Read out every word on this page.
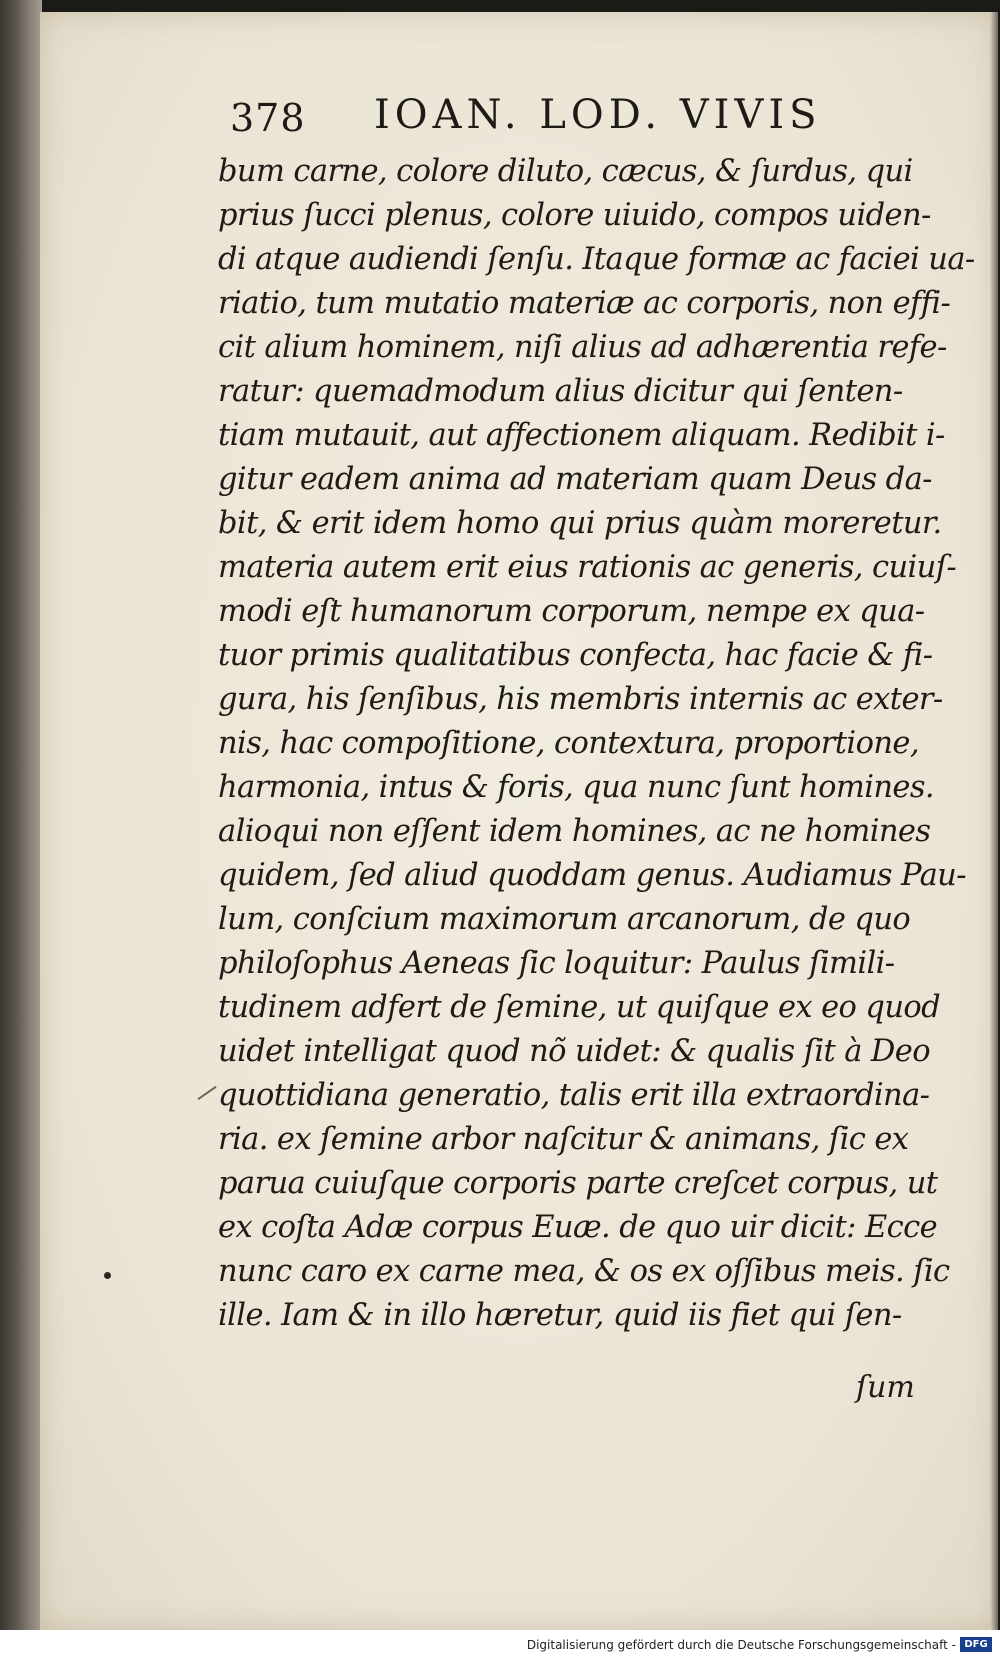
378 IOAN. LOD. VIVIS
bum carne, colore diluto, cæcus, & ſurdus, qui
prius ſucci plenus, colore uiuido, compos uiden-
di atque audiendi ſenſu. Itaque formæ ac faciei ua-
riatio, tum mutatio materiæ ac corporis, non effi-
cit alium hominem, niſi alius ad adhærentia refe-
ratur: quemadmodum alius dicitur qui ſenten-
tiam mutauit, aut affectionem aliquam. Redibit i-
gitur eadem anima ad materiam quam Deus da-
bit, & erit idem homo qui prius quàm moreretur.
materia autem erit eius rationis ac generis, cuiuſ-
modi eſt humanorum corporum, nempe ex qua-
tuor primis qualitatibus confecta, hac facie & fi-
gura, his ſenſibus, his membris internis ac exter-
nis, hac compoſitione, contextura, proportione,
harmonia, intus & foris, qua nunc ſunt homines.
alioqui non eſſent idem homines, ac ne homines
quidem, ſed aliud quoddam genus. Audiamus Pau-
lum, conſcium maximorum arcanorum, de quo
philoſophus Aeneas ſic loquitur: Paulus ſimili-
tudinem adfert de ſemine, ut quiſque ex eo quod
uidet intelligat quod nõ uidet: & qualis ſit à Deo
quottidiana generatio, talis erit illa extraordina-
ria. ex ſemine arbor naſcitur & animans, ſic ex
parua cuiuſque corporis parte creſcet corpus, ut
ex coſta Adæ corpus Euæ. de quo uir dicit: Ecce
nunc caro ex carne mea, & os ex oſſibus meis. ſic
ille. Iam & in illo hæretur, quid iis fiet qui ſen-
ſum
Digitalisierung gefördert durch die Deutsche Forschungsgemeinschaft - DFG
